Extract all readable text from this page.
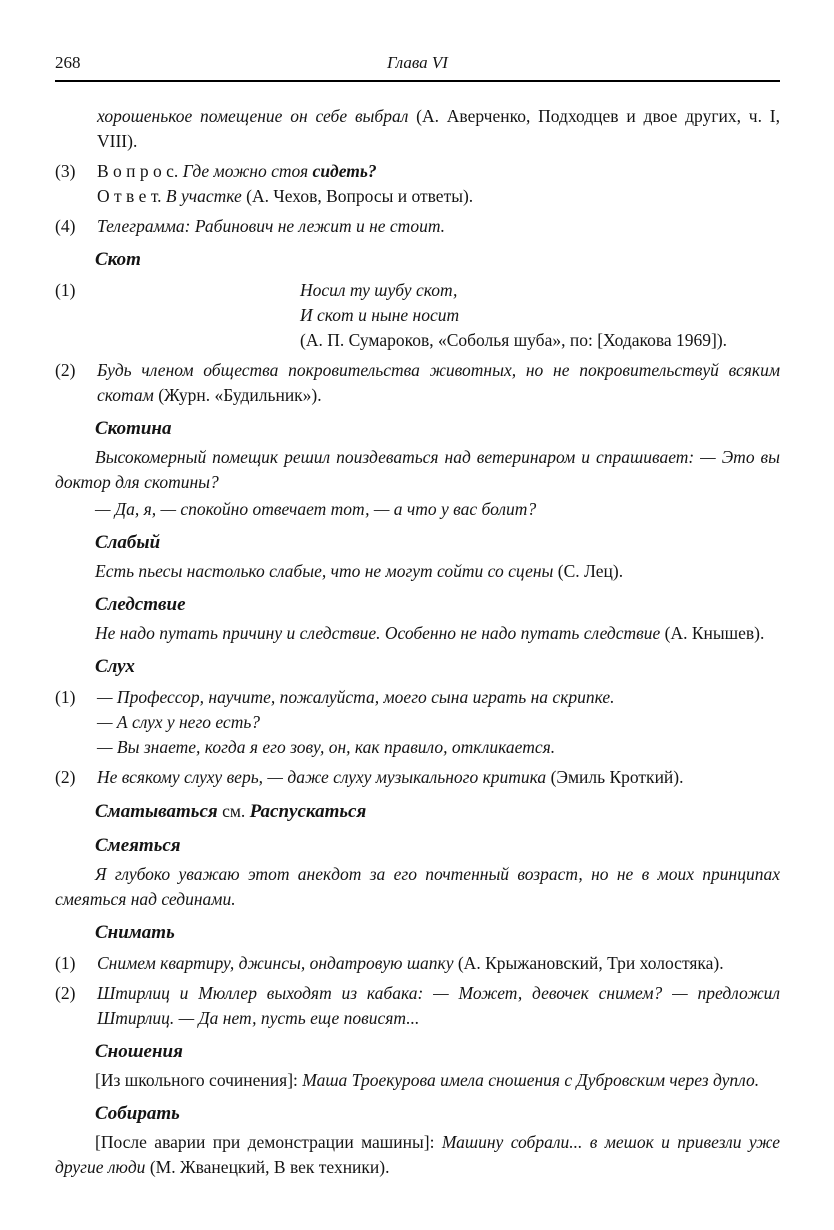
268	Глава VI

хорошенькое помещение он себе выбрал (А. Аверченко, Подходцев и двое других, ч. I, VIII).

(3) В о п р о с. Где можно стоя сидеть?
О т в е т. В участке (А. Чехов, Вопросы и ответы).
(4) Телеграмма: Рабинович не лежит и не стоит.
Скот
(1)	Носил ту шубу скот,
И скот и ныне носит
(А. П. Сумароков, «Соболья шуба», по: [Ходакова 1969]).
(2) Будь членом общества покровительства животных, но не покровительствуй всяким скотам (Журн. «Будильник»).
Скотина

Высокомерный помещик решил поиздеваться над ветеринаром и спрашивает: — Это вы доктор для скотины?

— Да, я, — спокойно отвечает тот, — а что у вас болит?

Слабый

Есть пьесы настолько слабые, что не могут сойти со сцены (С. Лец).

Следствие

Не надо путать причину и следствие. Особенно не надо путать следствие (А. Кнышев).

Слух
(1) — Профессор, научите, пожалуйста, моего сына играть на скрипке.
— А слух у него есть?
— Вы знаете, когда я его зову, он, как правило, откликается.
(2) Не всякому слуху верь, — даже слуху музыкального критика (Эмиль Кроткий).
Сматываться см. Распускаться
Смеяться

Я глубоко уважаю этот анекдот за его почтенный возраст, но не в моих принципах смеяться над сединами.

Снимать
(1) Снимем квартиру, джинсы, ондатровую шапку (А. Крыжановский, Три холостяка).
(2) Штирлиц и Мюллер выходят из кабака: — Может, девочек снимем? — предложил Штирлиц. — Да нет, пусть еще повисят...
Сношения

[Из школьного сочинения]: Маша Троекурова имела сношения с Дубровским через дупло.

Собирать

[После аварии при демонстрации машины]: Машину собрали... в мешок и привезли уже другие люди (М. Жванецкий, В век техники).
